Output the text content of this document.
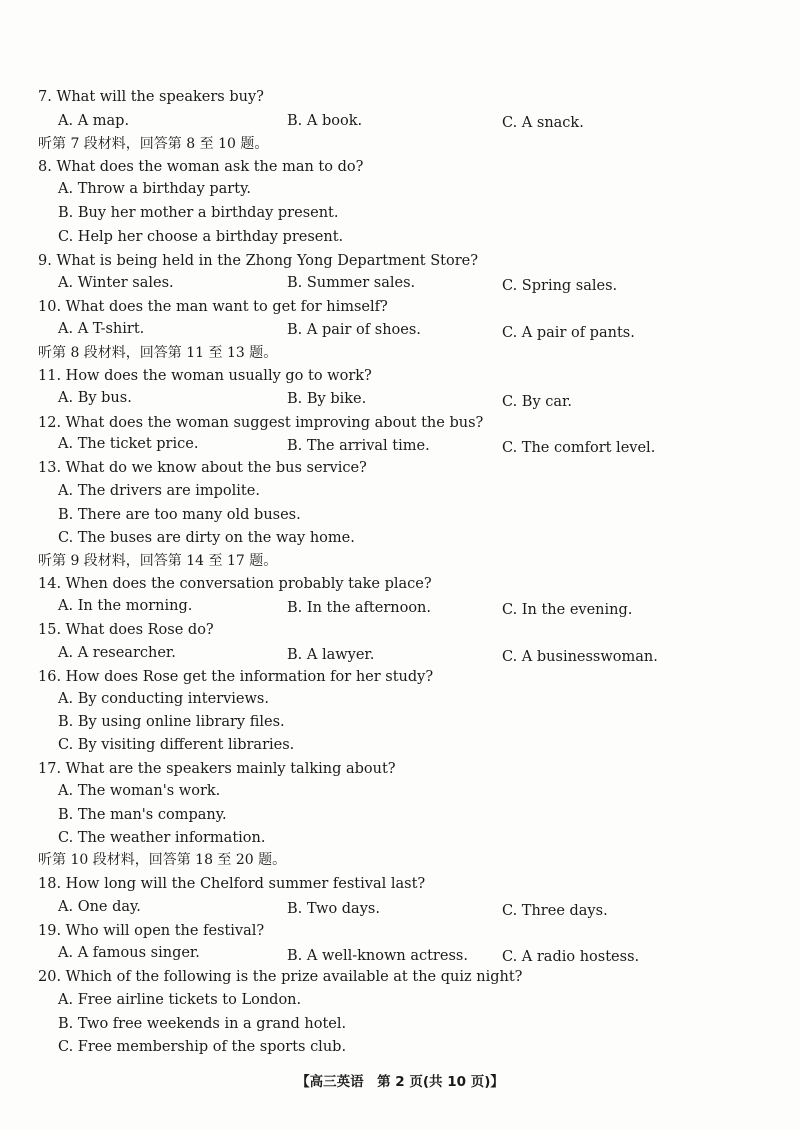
7. What will the speakers buy?
A. A map.	B. A book.	C. A snack.
听第 7 段材料，回答第 8 至 10 题。
8. What does the woman ask the man to do?
A. Throw a birthday party.
B. Buy her mother a birthday present.
C. Help her choose a birthday present.
9. What is being held in the Zhong Yong Department Store?
A. Winter sales.	B. Summer sales.	C. Spring sales.
10. What does the man want to get for himself?
A. A T-shirt.	B. A pair of shoes.	C. A pair of pants.
听第 8 段材料，回答第 11 至 13 题。
11. How does the woman usually go to work?
A. By bus.	B. By bike.	C. By car.
12. What does the woman suggest improving about the bus?
A. The ticket price.	B. The arrival time.	C. The comfort level.
13. What do we know about the bus service?
A. The drivers are impolite.
B. There are too many old buses.
C. The buses are dirty on the way home.
听第 9 段材料，回答第 14 至 17 题。
14. When does the conversation probably take place?
A. In the morning.	B. In the afternoon.	C. In the evening.
15. What does Rose do?
A. A researcher.	B. A lawyer.	C. A businesswoman.
16. How does Rose get the information for her study?
A. By conducting interviews.
B. By using online library files.
C. By visiting different libraries.
17. What are the speakers mainly talking about?
A. The woman's work.
B. The man's company.
C. The weather information.
听第 10 段材料，回答第 18 至 20 题。
18. How long will the Chelford summer festival last?
A. One day.	B. Two days.	C. Three days.
19. Who will open the festival?
A. A famous singer.	B. A well-known actress. C. A radio hostess.
20. Which of the following is the prize available at the quiz night?
A. Free airline tickets to London.
B. Two free weekends in a grand hotel.
C. Free membership of the sports club.
【高三英语　第 2 页(共 10 页)】
